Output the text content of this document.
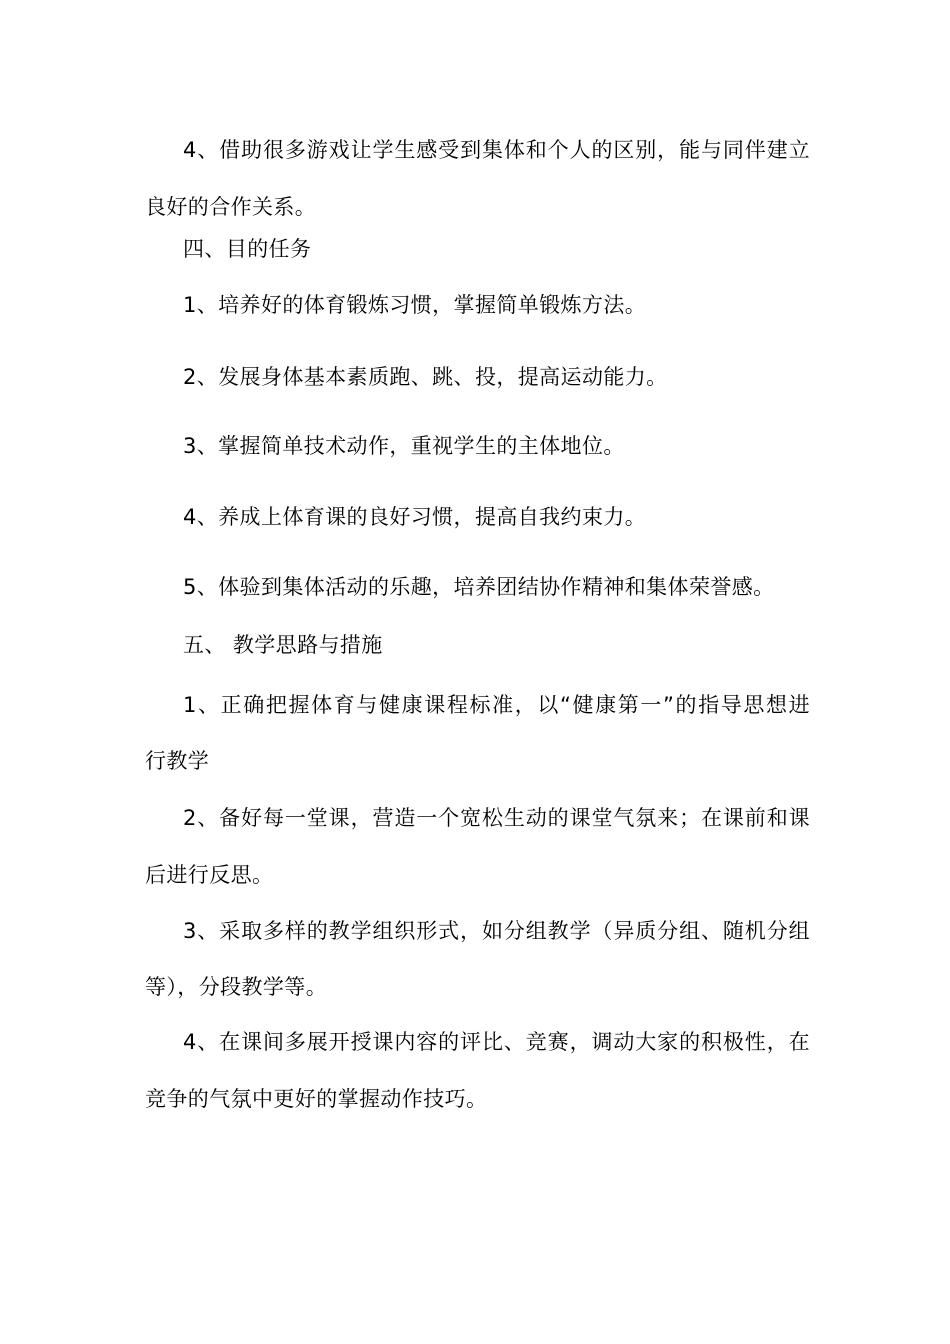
4、借助很多游戏让学生感受到集体和个人的区别，能与同伴建立
良好的合作关系。
四、目的任务
1、培养好的体育锻炼习惯，掌握简单锻炼方法。
2、发展身体基本素质跑、跳、投，提高运动能力。
3、掌握简单技术动作，重视学生的主体地位。
4、养成上体育课的良好习惯，提高自我约束力。
5、体验到集体活动的乐趣，培养团结协作精神和集体荣誉感。
五、 教学思路与措施
1、正确把握体育与健康课程标准，以“健康第一”的指导思想进
行教学
2、备好每一堂课，营造一个宽松生动的课堂气氛来；在课前和课
后进行反思。
3、采取多样的教学组织形式，如分组教学（异质分组、随机分组
等），分段教学等。
4、在课间多展开授课内容的评比、竞赛，调动大家的积极性，在
竞争的气氛中更好的掌握动作技巧。
